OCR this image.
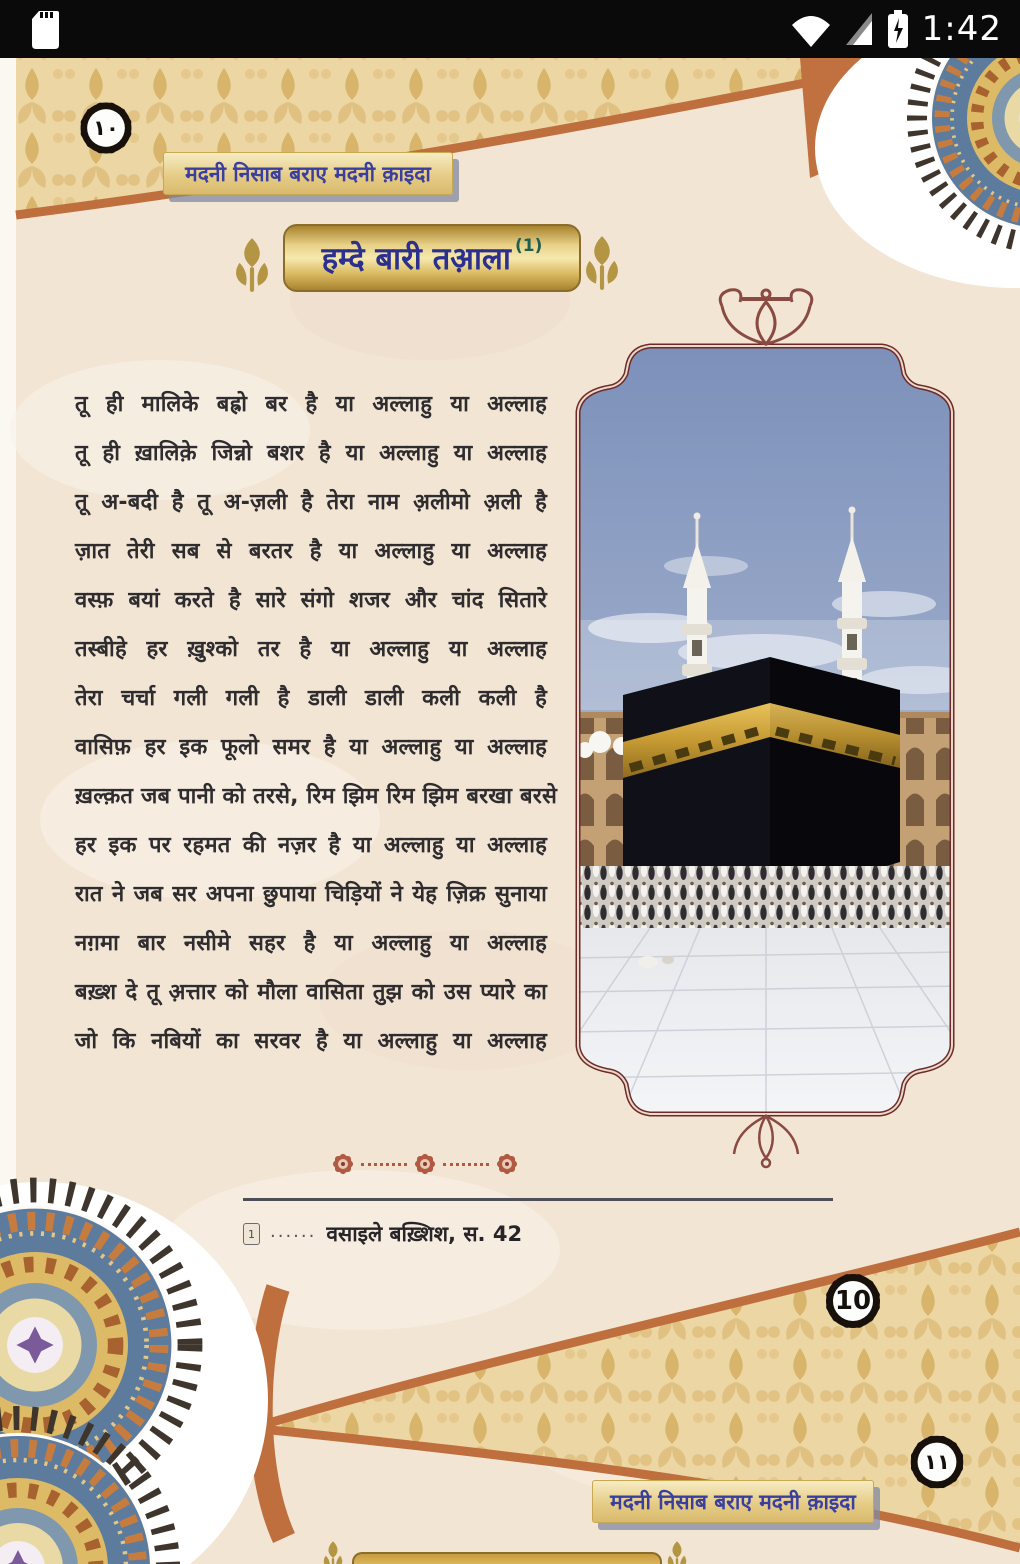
1:42
١٠
मदनी निसाब बराए मदनी क़ाइदा
हम्दे बारी तआ़ला (1)
तू ही मालिके बह्रो बर है या अल्लाहु या अल्लाह
तू ही ख़ालिक़े जिन्नो बशर है या अल्लाहु या अल्लाह
तू अ-बदी है तू अ-ज़ली है तेरा नाम अ़लीमो अ़ली है
ज़ात तेरी सब से बरतर है या अल्लाहु या अल्लाह
वस्फ़ बयां करते है सारे संगो शजर और चांद सितारे
तस्बीहे हर ख़ुश्को तर है या अल्लाहु या अल्लाह
तेरा चर्चा गली गली है डाली डाली कली कली है
वासिफ़ हर इक फूलो समर है या अल्लाहु या अल्लाह
ख़ल्क़त जब पानी को तरसे, रिम झिम रिम झिम बरखा बरसे
हर इक पर रहमत की नज़र है या अल्लाहु या अल्लाह
रात ने जब सर अपना छुपाया चिड़ियों ने येह ज़िक्र सुनाया
नग़मा बार नसीमे सहर है या अल्लाहु या अल्लाह
बख़्श दे तू अ़त्तार को मौला वासिता तुझ को उस प्यारे का
जो कि नबियों का सरवर है या अल्लाहु या अल्लाह
1 ...... वसाइले बख़्शिश, स. 42
10
١١
मदनी निसाब बराए मदनी क़ाइदा
